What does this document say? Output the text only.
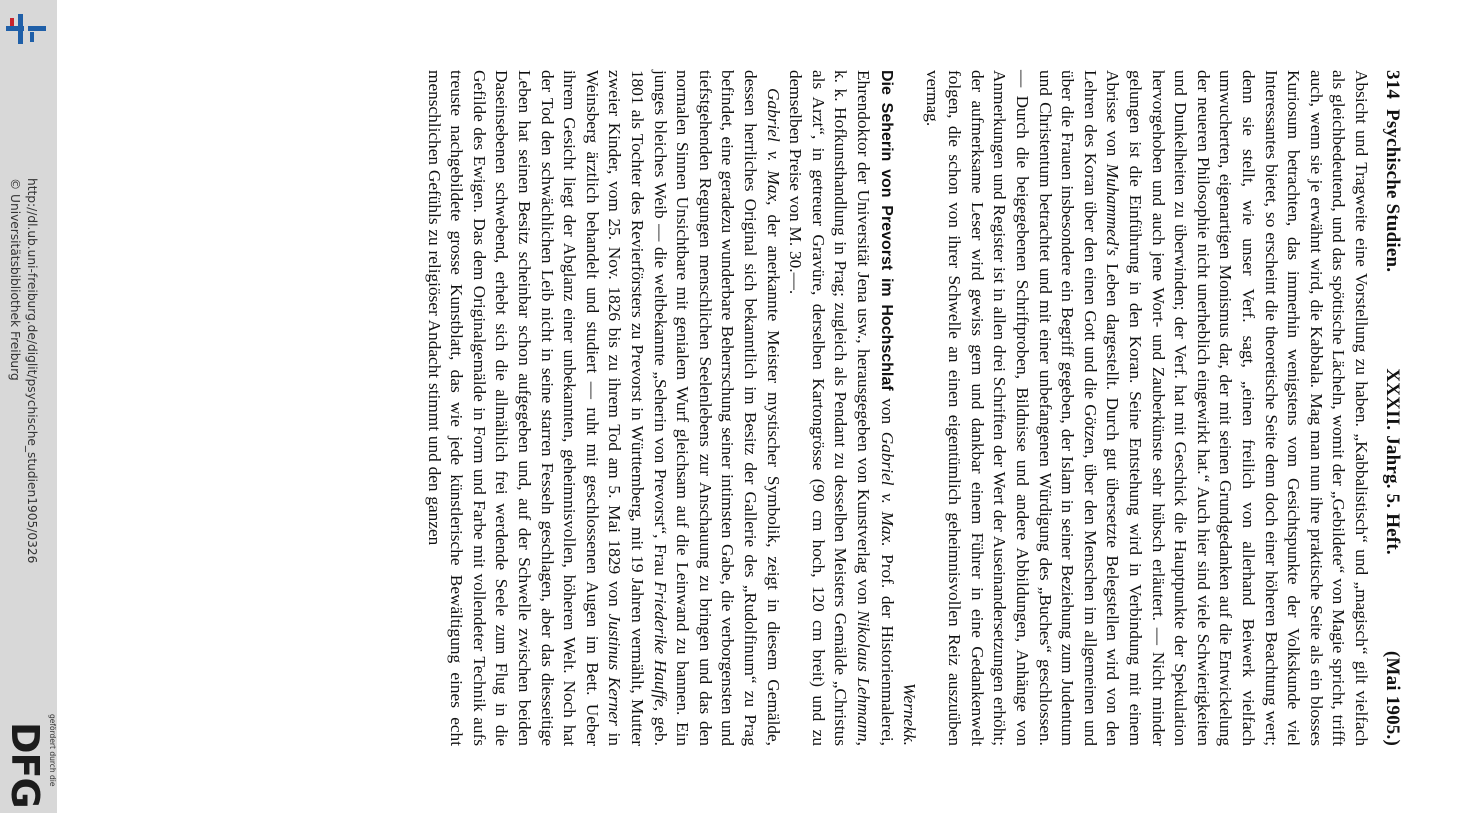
http://dl.ub.uni-freiburg.de/diglit/psychische_studien1905/0326
© Universitätsbibliothek Freiburg
gefördert durch die
DFG
314  Psychische Studien.
XXXII. Jahrg. 5. Heft.
(Mai 1905.)

Absicht und Tragweite eine Vorstellung zu haben. „Kabbalistisch“ und „magisch“ gilt vielfach als gleichbedeutend, und das spöttische Lächeln, womit der „Gebildete“ von Magie spricht, trifft auch, wenn sie je erwähnt wird, die Kabbala. Mag man nun ihre praktische Seite als ein blosses Kuriosum betrachten, das immerhin wenigstens vom Gesichtspunkte der Volkskunde viel Interessantes bietet, so erscheint die theoretische Seite denn doch einer höheren Beachtung wert; denn sie stellt, wie unser Verf. sagt, „einen freilich von allerhand Beiwerk vielfach umwucherten, eigenartigen Monismus dar, der mit seinen Grundgedanken auf die Entwickelung der neueren Philosophie nicht unerheblich eingewirkt hat.“ Auch hier sind viele Schwierigkeiten und Dunkelheiten zu überwinden; der Verf. hat mit Geschick die Hauptpunkte der Spekulation hervorgehoben und auch jene Wort- und Zauberkünste sehr hübsch erläutert. — Nicht minder gelungen ist die Einführung in den Koran. Seine Entstehung wird in Verbindung mit einem Abrisse von Muhammed's Leben dargestellt. Durch gut übersetzte Belegstellen wird von den Lehren des Koran über den einen Gott und die Götzen, über den Menschen im allgemeinen und über die Frauen insbesondere ein Begriff gegeben, der Islam in seiner Beziehung zum Judentum und Christentum betrachtet und mit einer unbefangenen Würdigung des „Buches“ geschlossen. — Durch die beigegebenen Schriftproben, Bildnisse und andere Abbildungen, Anhänge von Anmerkungen und Register ist in allen drei Schriften der Wert der Auseinandersetzungen erhöht; der aufmerksame Leser wird gewiss gern und dankbar einem Führer in eine Gedankenwelt folgen, die schon von ihrer Schwelle an einen eigentümlich geheimnisvollen Reiz auszuüben vermag.

Wernekk.

Die Seherin von Prevorst im Hochschlaf von Gabriel v. Max. Prof. der Historienmalerei, Ehrendoktor der Universität Jena usw., herausgegeben von Kunstverlag von Nikolaus Lehmann, k. k. Hofkunsthandlung in Prag; zugleich als Pendant zu desselben Meisters Gemälde „Christus als Arzt“, in getreuer Gravüre, derselben Kartongrösse (90 cm hoch, 120 cm breit) und zu demselben Preise von M. 30.—.

Gabriel v. Max, der anerkannte Meister mystischer Symbolik, zeigt in diesem Gemälde, dessen herrliches Original sich bekanntlich im Besitz der Gallerie des „Rudolfinum“ zu Prag befindet, eine geradezu wunderbare Beherrschung seiner intimsten Gabe, die verborgensten und tiefstgehenden Regungen menschlichen Seelenlebens zur Anschauung zu bringen und das den normalen Sinnen Unsichtbare mit genialem Wurf gleichsam auf die Leinwand zu bannen. Ein junges bleiches Weib — die weltbekannte „Seherin von Prevorst“, Frau Friederike Hauffe, geb. 1801 als Tochter des Revierförsters zu Prevorst in Württemberg, mit 19 Jahren vermählt, Mutter zweier Kinder, vom 25. Nov. 1826 bis zu ihrem Tod am 5. Mai 1829 von Justinus Kerner in Weinsberg ärztlich behandelt und studiert — ruht mit geschlossenen Augen im Bett. Ueber ihrem Gesicht liegt der Abglanz einer unbekannten, geheimnisvollen, höheren Welt. Noch hat der Tod den schwächlichen Leib nicht in seine starren Fesseln geschlagen, aber das diesseitige Leben hat seinen Besitz scheinbar schon aufgegeben und, auf der Schwelle zwischen beiden Daseinsebenen schwebend, erhebt sich die allmählich frei werdende Seele zum Flug in die Gefilde des Ewigen. Das dem Originalgemälde in Form und Farbe mit vollendeter Technik aufs treuste nachgebildete grosse Kunstblatt, das wie jede künstlerische Bewältigung eines echt menschlichen Gefühls zu religiöser Andacht stimmt und den ganzen
